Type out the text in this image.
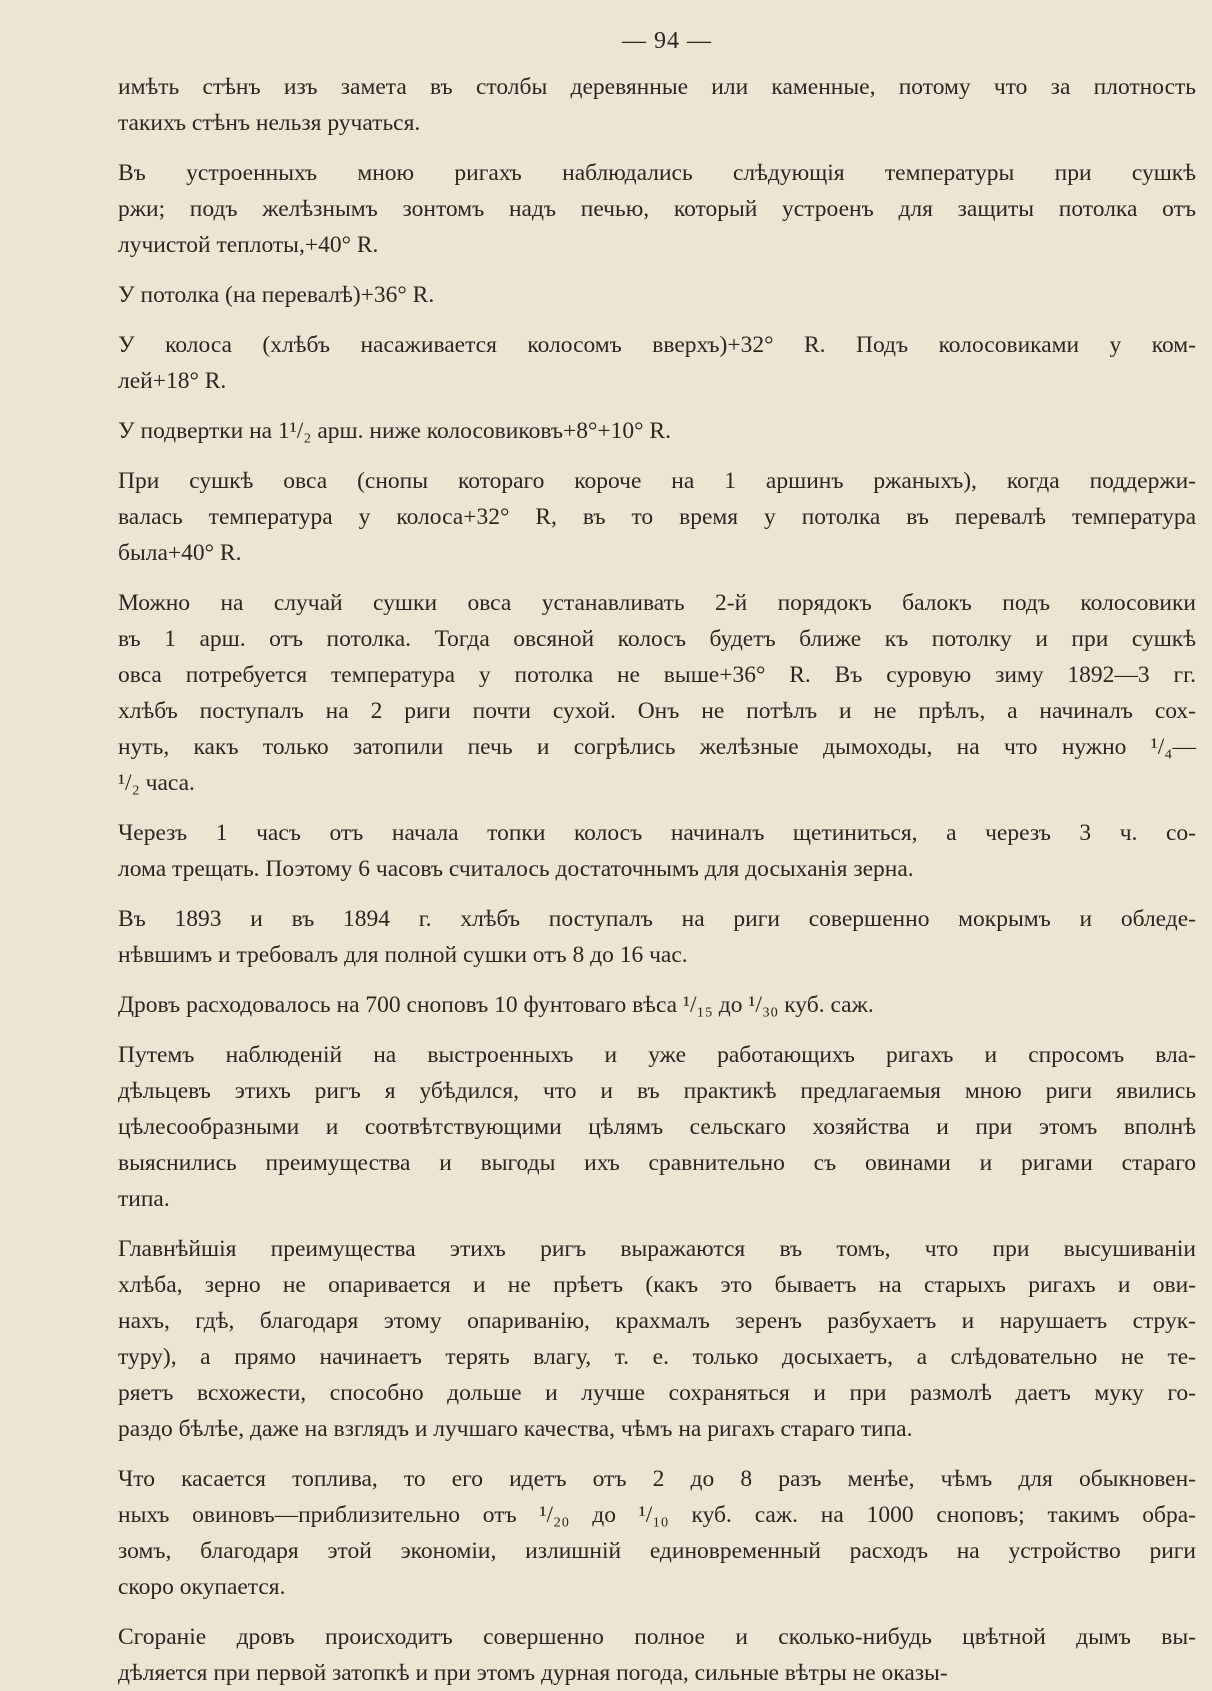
— 94 —
имѣть стѣнъ изъ замета въ столбы деревянные или каменные, потому что за плотность
такихъ стѣнъ нельзя ручаться.
Въ устроенныхъ мною ригахъ наблюдались слѣдующія температуры при сушкѣ
ржи; подъ желѣзнымъ зонтомъ надъ печью, который устроенъ для защиты потолка отъ
лучистой теплоты,+40° R.
У потолка (на перевалѣ)+36° R.
У колоса (хлѣбъ насаживается колосомъ вверхъ)+32° R. Подъ колосовиками у ком-
лей+18° R.
У подвертки на 1¹/₂ арш. ниже колосовиковъ+8°+10° R.
При сушкѣ овса (снопы котораго короче на 1 аршинъ ржаныхъ), когда поддержи-
валась температура у колоса+32° R, въ то время у потолка въ перевалѣ температура
была+40° R.
Можно на случай сушки овса устанавливать 2-й порядокъ балокъ подъ колосовики
въ 1 арш. отъ потолка. Тогда овсяной колосъ будетъ ближе къ потолку и при сушкѣ
овса потребуется температура у потолка не выше+36° R. Въ суровую зиму 1892—3 гг.
хлѣбъ поступалъ на 2 риги почти сухой. Онъ не потѣлъ и не прѣлъ, а начиналъ сох-
нуть, какъ только затопили печь и согрѣлись желѣзные дымоходы, на что нужно ¹/₄—
¹/₂ часа.
Черезъ 1 часъ отъ начала топки колосъ начиналъ щетиниться, а черезъ 3 ч. со-
лома трещать. Поэтому 6 часовъ считалось достаточнымъ для досыханія зерна.
Въ 1893 и въ 1894 г. хлѣбъ поступалъ на риги совершенно мокрымъ и обледе-
нѣвшимъ и требовалъ для полной сушки отъ 8 до 16 час.
Дровъ расходовалось на 700 сноповъ 10 фунтоваго вѣса ¹/₁₅ до ¹/₃₀ куб. саж.
Путемъ наблюденій на выстроенныхъ и уже работающихъ ригахъ и спросомъ вла-
дѣльцевъ этихъ ригъ я убѣдился, что и въ практикѣ предлагаемыя мною риги явились
цѣлесообразными и соотвѣтствующими цѣлямъ сельскаго хозяйства и при этомъ вполнѣ
выяснились преимущества и выгоды ихъ сравнительно съ овинами и ригами стараго
типа.
Главнѣйшія преимущества этихъ ригъ выражаются въ томъ, что при высушиваніи
хлѣба, зерно не опаривается и не прѣетъ (какъ это бываетъ на старыхъ ригахъ и ови-
нахъ, гдѣ, благодаря этому опариванію, крахмалъ зеренъ разбухаетъ и нарушаетъ струк-
туру), а прямо начинаетъ терять влагу, т. е. только досыхаетъ, а слѣдовательно не те-
ряетъ всхожести, способно дольше и лучше сохраняться и при размолѣ даетъ муку го-
раздо бѣлѣе, даже на взглядъ и лучшаго качества, чѣмъ на ригахъ стараго типа.
Что касается топлива, то его идетъ отъ 2 до 8 разъ менѣе, чѣмъ для обыкновен-
ныхъ овиновъ—приблизительно отъ ¹/₂₀ до ¹/₁₀ куб. саж. на 1000 сноповъ; такимъ обра-
зомъ, благодаря этой экономіи, излишній единовременный расходъ на устройство риги
скоро окупается.
Сгораніе дровъ происходитъ совершенно полное и сколько-нибудь цвѣтной дымъ вы-
дѣляется при первой затопкѣ и при этомъ дурная погода, сильные вѣтры не оказы-
